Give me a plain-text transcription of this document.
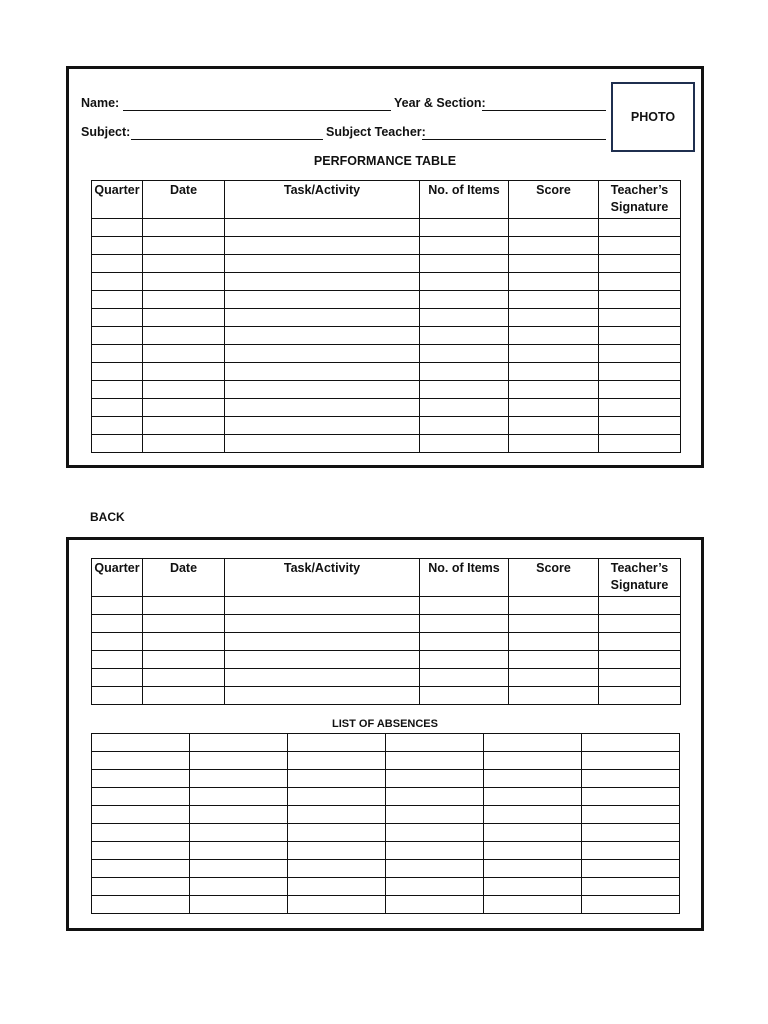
Name:	Year & Section:
Subject:	Subject Teacher:
PHOTO
PERFORMANCE TABLE
Quarter	Date	Task/Activity	No. of Items	Score	Teacher’s Signature

BACK
Quarter	Date	Task/Activity	No. of Items	Score	Teacher’s Signature

LIST OF ABSENCES
